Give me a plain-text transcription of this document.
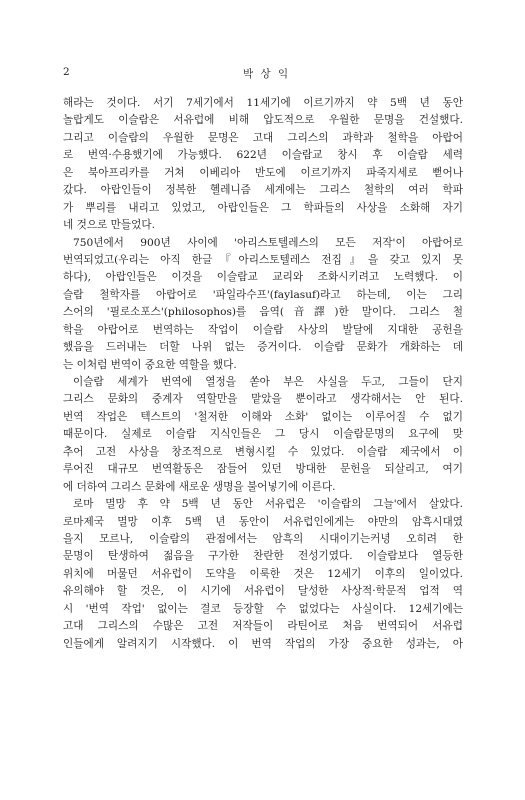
2	박 상 익
해라는 것이다. 서기 7세기에서 11세기에 이르기까지 약 5백 년 동안
놀랍게도 이슬람은 서유럽에 비해 압도적으로 우월한 문명을 건설했다.
그리고 이슬람의 우월한 문명은 고대 그리스의 과학과 철학을 아랍어
로 번역·수용했기에 가능했다. 622년 이슬람교 창시 후 이슬람 세력
은 북아프리카를 거쳐 이베리아 반도에 이르기까지 파죽지세로 뻗어나
갔다. 아랍인들이 정복한 헬레니즘 세계에는 그리스 철학의 여러 학파
가 뿌리를 내리고 있었고, 아랍인들은 그 학파들의 사상을 소화해 자기
네 것으로 만들었다.
750년에서 900년 사이에 '아리스토텔레스의 모든 저작'이 아랍어로
번역되었고(우리는 아직 한글『아리스토텔레스 전집』을 갖고 있지 못
하다), 아랍인들은 이것을 이슬람교 교리와 조화시키려고 노력했다. 이
슬람 철학자를 아랍어로 '파일라수프'(faylasuf)라고 하는데, 이는 그리
스어의 '필로소포스'(philosophos)를 음역(音譯)한 말이다. 그리스 철
학을 아랍어로 번역하는 작업이 이슬람 사상의 발달에 지대한 공헌을
했음을 드러내는 더할 나위 없는 증거이다. 이슬람 문화가 개화하는 데
는 이처럼 번역이 중요한 역할을 했다.
이슬람 세계가 번역에 열정을 쏟아 부은 사실을 두고, 그들이 단지
그리스 문화의 중계자 역할만을 맡았을 뿐이라고 생각해서는 안 된다.
번역 작업은 텍스트의 '철저한 이해와 소화' 없이는 이루어질 수 없기
때문이다. 실제로 이슬람 지식인들은 그 당시 이슬람문명의 요구에 맞
추어 고전 사상을 창조적으로 변형시킬 수 있었다. 이슬람 제국에서 이
루어진 대규모 번역활동은 잠들어 있던 방대한 문헌을 되살리고, 여기
에 더하여 그리스 문화에 새로운 생명을 불어넣기에 이른다.
로마 멸망 후 약 5백 년 동안 서유럽은 '이슬람의 그늘'에서 살았다.
로마제국 멸망 이후 5백 년 동안이 서유럽인에게는 야만의 암흑시대였
을지 모르나, 이슬람의 관점에서는 암흑의 시대이기는커녕 오히려 한
문명이 탄생하여 젊음을 구가한 찬란한 전성기였다. 이슬람보다 열등한
위치에 머물던 서유럽이 도약을 이룩한 것은 12세기 이후의 일이었다.
유의해야 할 것은, 이 시기에 서유럽이 달성한 사상적·학문적 업적 역
시 '번역 작업' 없이는 결코 등장할 수 없었다는 사실이다. 12세기에는
고대 그리스의 수많은 고전 저작들이 라틴어로 처음 번역되어 서유럽
인들에게 알려지기 시작했다. 이 번역 작업의 가장 중요한 성과는, 아
